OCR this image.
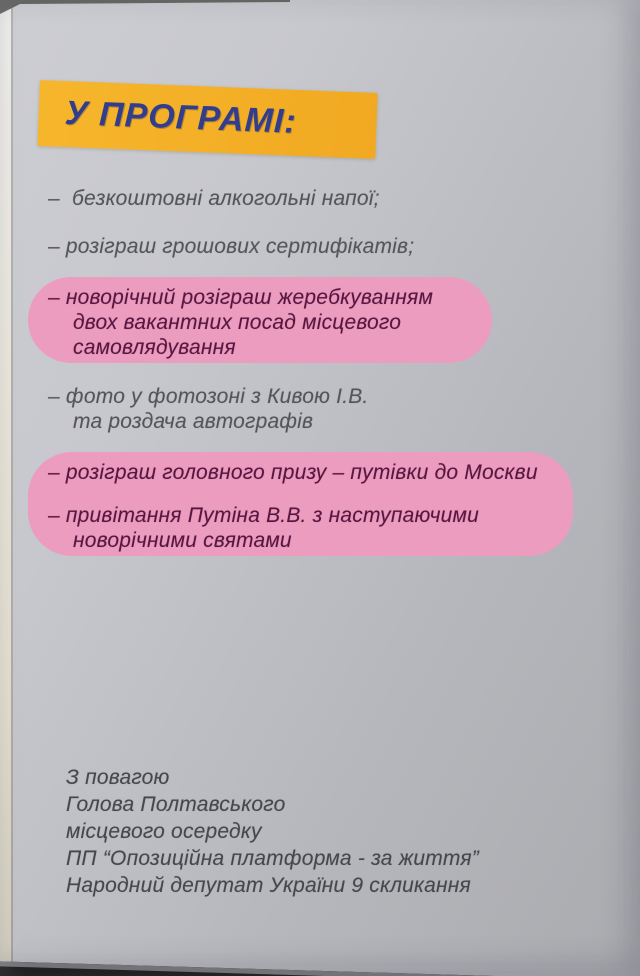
У ПРОГРАМІ:
–  безкоштовні алкогольні напої;
– розіграш грошових сертифікатів;
– новорічний розіграш жеребкуванням
двох вакантних посад місцевого
самовлядування
– фото у фотозоні з Кивою І.В.
та роздача автографів
– розіграш головного призу – путівки до Москви
– привітання Путіна В.В. з наступаючими
новорічними святами
З повагою
Голова Полтавського
місцевого осередку
ПП “Опозиційна платформа - за життя”
Народний депутат України 9 скликання
